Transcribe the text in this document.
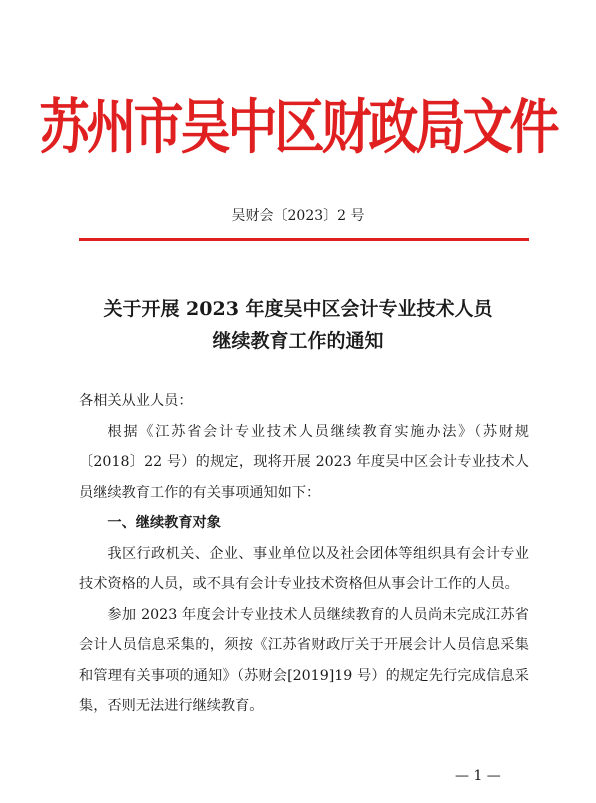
苏州市吴中区财政局文件
吴财会〔2023〕2 号
关于开展 2023 年度吴中区会计专业技术人员
继续教育工作的通知

各相关从业人员：

根据《江苏省会计专业技术人员继续教育实施办法》（苏财规〔2018〕22 号）的规定，现将开展 2023 年度吴中区会计专业技术人员继续教育工作的有关事项通知如下：

一、继续教育对象

我区行政机关、企业、事业单位以及社会团体等组织具有会计专业技术资格的人员，或不具有会计专业技术资格但从事会计工作的人员。

参加 2023 年度会计专业技术人员继续教育的人员尚未完成江苏省会计人员信息采集的，须按《江苏省财政厅关于开展会计人员信息采集和管理有关事项的通知》（苏财会[2019]19 号）的规定先行完成信息采集，否则无法进行继续教育。

— 1 —
